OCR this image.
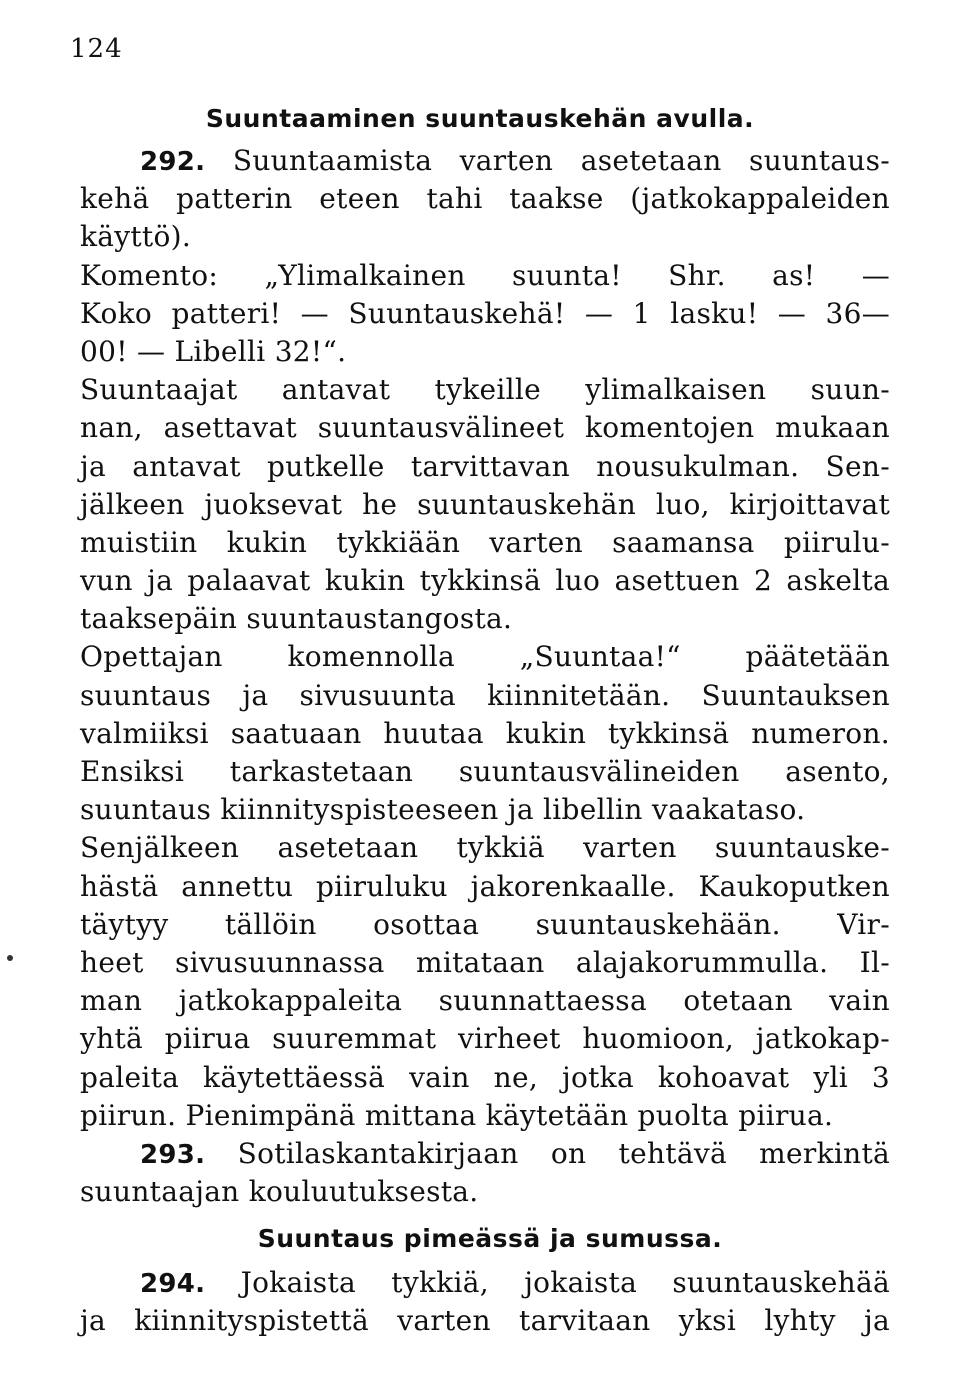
124
Suuntaaminen suuntauskehän avulla.
292. Suuntaamista varten asetetaan suuntaus-
kehä patterin eteen tahi taakse (jatkokappaleiden
käyttö).
Komento: „Ylimalkainen suunta! Shr. as! —
Koko patteri! — Suuntauskehä! — 1 lasku! — 36—
00! — Libelli 32!“.
Suuntaajat antavat tykeille ylimalkaisen suun-
nan, asettavat suuntausvälineet komentojen mukaan
ja antavat putkelle tarvittavan nousukulman. Sen-
jälkeen juoksevat he suuntauskehän luo, kirjoittavat
muistiin kukin tykkiään varten saamansa piirulu-
vun ja palaavat kukin tykkinsä luo asettuen 2 askelta
taaksepäin suuntaustangosta.
Opettajan komennolla „Suuntaa!“ päätetään
suuntaus ja sivusuunta kiinnitetään. Suuntauksen
valmiiksi saatuaan huutaa kukin tykkinsä numeron.
Ensiksi tarkastetaan suuntausvälineiden asento,
suuntaus kiinnityspisteeseen ja libellin vaakataso.
Senjälkeen asetetaan tykkiä varten suuntauske-
hästä annettu piiruluku jakorenkaalle. Kaukoputken
täytyy tällöin osottaa suuntauskehään. Vir-
heet sivusuunnassa mitataan alajakorummulla. Il-
man jatkokappaleita suunnattaessa otetaan vain
yhtä piirua suuremmat virheet huomioon, jatkokap-
paleita käytettäessä vain ne, jotka kohoavat yli 3
piirun. Pienimpänä mittana käytetään puolta piirua.
293. Sotilaskantakirjaan on tehtävä merkintä
suuntaajan kouluutuksesta.
Suuntaus pimeässä ja sumussa.
294. Jokaista tykkiä, jokaista suuntauskehää
ja kiinnityspistettä varten tarvitaan yksi lyhty ja
